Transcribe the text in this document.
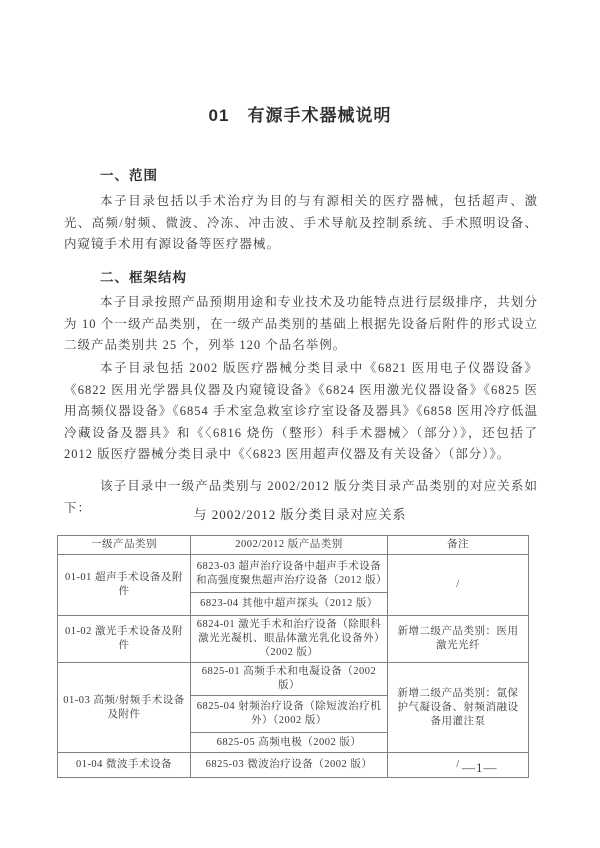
01　有源手术器械说明
一、范围
本子目录包括以手术治疗为目的与有源相关的医疗器械，包括超声、激光、高频/射频、微波、冷冻、冲击波、手术导航及控制系统、手术照明设备、内窥镜手术用有源设备等医疗器械。
二、框架结构
本子目录按照产品预期用途和专业技术及功能特点进行层级排序，共划分为 10 个一级产品类别，在一级产品类别的基础上根据先设备后附件的形式设立二级产品类别共 25 个，列举 120 个品名举例。
本子目录包括 2002 版医疗器械分类目录中《6821 医用电子仪器设备》《6822 医用光学器具仪器及内窥镜设备》《6824 医用激光仪器设备》《6825 医用高频仪器设备》《6854 手术室急救室诊疗室设备及器具》《6858 医用冷疗低温冷藏设备及器具》和《〈6816 烧伤（整形）科手术器械〉（部分）》，还包括了 2012 版医疗器械分类目录中《〈6823 医用超声仪器及有关设备〉（部分）》。
该子目录中一级产品类别与 2002/2012 版分类目录产品类别的对应关系如下：	与 2002/2012 版分类目录对应关系
一级产品类别	2002/2012 版产品类别	备注
01-01 超声手术设备及附件	6823-03 超声治疗设备中超声手术设备和高强度聚焦超声治疗设备（2012 版）	/
	6823-04 其他中超声探头（2012 版）	
01-02 激光手术设备及附件	6824-01 激光手术和治疗设备（除眼科激光光凝机、眼晶体激光乳化设备外）（2002 版）	新增二级产品类别：医用激光光纤
01-03 高频/射频手术设备及附件	6825-01 高频手术和电凝设备（2002 版）	新增二级产品类别：氩保护气凝设备、射频消融设备用灌注泵
	6825-04 射频治疗设备（除短波治疗机外）（2002 版）	
	6825-05 高频电极（2002 版）	
01-04 微波手术设备	6825-03 微波治疗设备（2002 版）	/ —1—
